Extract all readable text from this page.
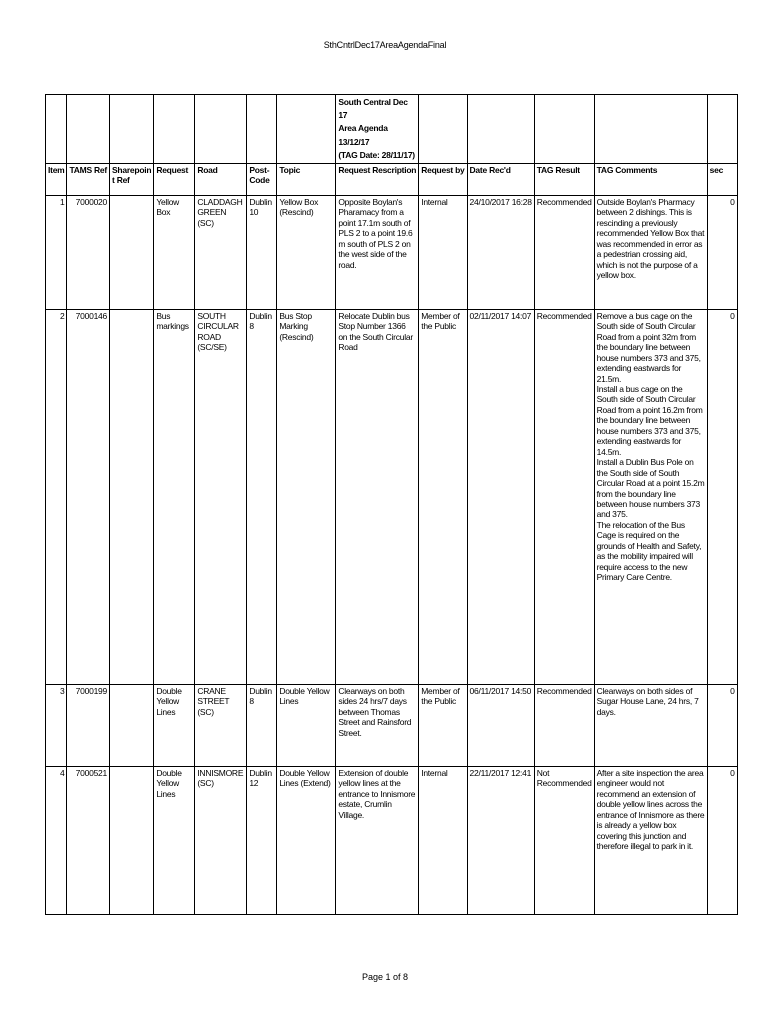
SthCntrlDec17AreaAgendaFinal
							South Central Dec 17
Area Agenda 13/12/17
(TAG Date: 28/11/17)					
Item	TAMS Ref	Sharepoin
t Ref	Request	Road	Post-
Code	Topic	Request Rescription	Request by	Date Rec'd	TAG Result	TAG Comments	sec
1	7000020		Yellow Box	CLADDAGH GREEN (SC)	Dublin 10	Yellow Box (Rescind)	Opposite Boylan's Pharamacy from a point 17.1m south of PLS 2 to a point 19.6 m south of PLS 2 on the west side of the road.	Internal	24/10/2017 16:28	Recommended	Outside Boylan's Pharmacy between 2 dishings. This is rescinding a previously recommended Yellow Box that was recommended in error as a pedestrian crossing aid, which is not the purpose of a yellow box.	0
2	7000146		Bus markings	SOUTH CIRCULAR ROAD (SC/SE)	Dublin 8	Bus Stop Marking (Rescind)	Relocate Dublin bus Stop Number 1366 on the South Circular Road	Member of the Public	02/11/2017 14:07	Recommended	Remove a bus cage on the South side of South Circular Road from a point 32m from the boundary line between house numbers 373 and 375, extending eastwards for 21.5m.
Install a bus cage on the South side of South Circular Road from a point 16.2m from the boundary line between house numbers 373 and 375, extending eastwards for 14.5m.
Install a Dublin Bus Pole on the South side of South Circular Road at a point 15.2m from the boundary line between house numbers 373 and 375.
The relocation of the Bus Cage is required on the grounds of Health and Safety, as the mobility impaired will require access to the new Primary Care Centre.	0
3	7000199		Double Yellow Lines	CRANE STREET (SC)	Dublin 8	Double Yellow Lines	Clearways on both sides 24 hrs/7 days between Thomas Street and Rainsford Street.	Member of the Public	06/11/2017 14:50	Recommended	Clearways on both sides of Sugar House Lane, 24 hrs, 7 days.	0
4	7000521		Double Yellow Lines	INNISMORE (SC)	Dublin 12	Double Yellow Lines (Extend)	Extension of double yellow lines at the entrance to Innismore estate, Crumlin Village.	Internal	22/11/2017 12:41	Not Recommended	After a site inspection the area engineer would not recommend an extension of double yellow lines across the entrance of Innismore as there is already a yellow box covering this junction and therefore illegal to park in it.	0
Page 1 of 8
